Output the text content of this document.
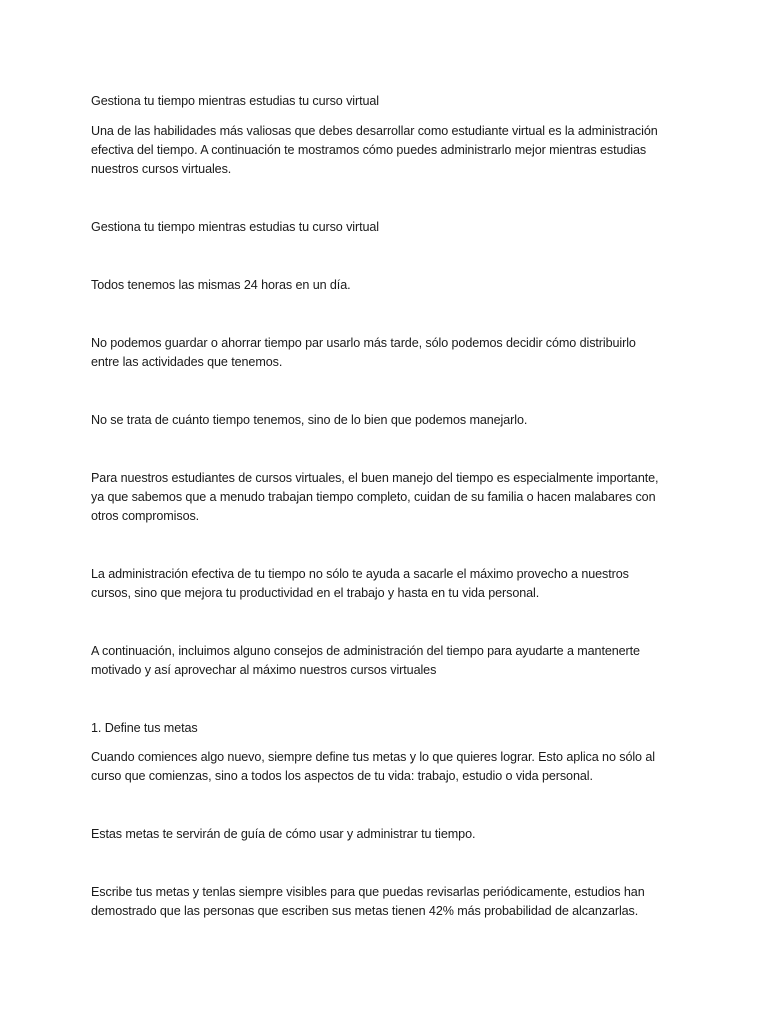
Gestiona tu tiempo mientras estudias tu curso virtual

Una de las habilidades más valiosas que debes desarrollar como estudiante virtual es la administración

efectiva del tiempo. A continuación te mostramos cómo puedes administrarlo mejor mientras estudias

nuestros cursos virtuales.

Gestiona tu tiempo mientras estudias tu curso virtual

Todos tenemos las mismas 24 horas en un día.

No podemos guardar o ahorrar tiempo par usarlo más tarde, sólo podemos decidir cómo distribuirlo

entre las actividades que tenemos.

No se trata de cuánto tiempo tenemos, sino de lo bien que podemos manejarlo.

Para nuestros estudiantes de cursos virtuales, el buen manejo del tiempo es especialmente importante,

ya que sabemos que a menudo trabajan tiempo completo, cuidan de su familia o hacen malabares con

otros compromisos.

La administración efectiva de tu tiempo no sólo te ayuda a sacarle el máximo provecho a nuestros

cursos, sino que mejora tu productividad en el trabajo y hasta en tu vida personal.

A continuación, incluimos alguno consejos de administración del tiempo para ayudarte a mantenerte

motivado y así aprovechar al máximo nuestros cursos virtuales

1. Define tus metas

Cuando comiences algo nuevo, siempre define tus metas y lo que quieres lograr. Esto aplica no sólo al

curso que comienzas, sino a todos los aspectos de tu vida: trabajo, estudio o vida personal.

Estas metas te servirán de guía de cómo usar y administrar tu tiempo.

Escribe tus metas y tenlas siempre visibles para que puedas revisarlas periódicamente, estudios han

demostrado que las personas que escriben sus metas tienen 42% más probabilidad de alcanzarlas.
